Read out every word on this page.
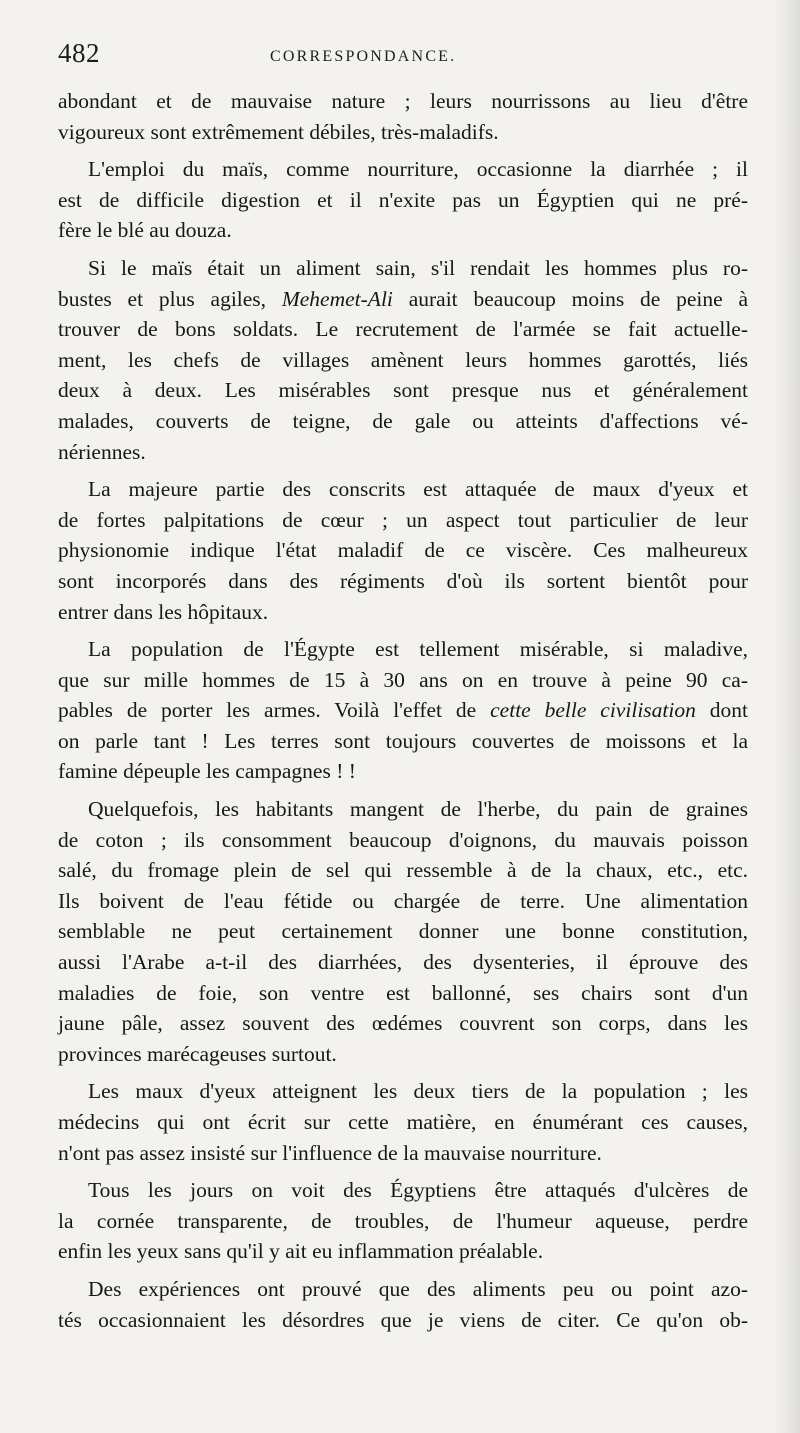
482	CORRESPONDANCE.
abondant et de mauvaise nature ; leurs nourrissons au lieu d'être
vigoureux sont extrêmement débiles, très-maladifs.
L'emploi du maïs, comme nourriture, occasionne la diarrhée ; il
est de difficile digestion et il n'exite pas un Égyptien qui ne pré-
fère le blé au douza.
Si le maïs était un aliment sain, s'il rendait les hommes plus ro-
bustes et plus agiles, Mehemet-Ali aurait beaucoup moins de peine à
trouver de bons soldats. Le recrutement de l'armée se fait actuelle-
ment, les chefs de villages amènent leurs hommes garottés, liés
deux à deux. Les misérables sont presque nus et généralement
malades, couverts de teigne, de gale ou atteints d'affections vé-
nériennes.
La majeure partie des conscrits est attaquée de maux d'yeux et
de fortes palpitations de cœur ; un aspect tout particulier de leur
physionomie indique l'état maladif de ce viscère. Ces malheureux
sont incorporés dans des régiments d'où ils sortent bientôt pour
entrer dans les hôpitaux.
La population de l'Égypte est tellement misérable, si maladive,
que sur mille hommes de 15 à 30 ans on en trouve à peine 90 ca-
pables de porter les armes. Voilà l'effet de cette belle civilisation dont
on parle tant ! Les terres sont toujours couvertes de moissons et la
famine dépeuple les campagnes ! !
Quelquefois, les habitants mangent de l'herbe, du pain de graines
de coton ; ils consomment beaucoup d'oignons, du mauvais poisson
salé, du fromage plein de sel qui ressemble à de la chaux, etc., etc.
Ils boivent de l'eau fétide ou chargée de terre. Une alimentation
semblable ne peut certainement donner une bonne constitution,
aussi l'Arabe a-t-il des diarrhées, des dysenteries, il éprouve des
maladies de foie, son ventre est ballonné, ses chairs sont d'un
jaune pâle, assez souvent des œdémes couvrent son corps, dans les
provinces marécageuses surtout.
Les maux d'yeux atteignent les deux tiers de la population ; les
médecins qui ont écrit sur cette matière, en énumérant ces causes,
n'ont pas assez insisté sur l'influence de la mauvaise nourriture.
Tous les jours on voit des Égyptiens être attaqués d'ulcères de
la cornée transparente, de troubles, de l'humeur aqueuse, perdre
enfin les yeux sans qu'il y ait eu inflammation préalable.
Des expériences ont prouvé que des aliments peu ou point azo-
tés occasionnaient les désordres que je viens de citer. Ce qu'on ob-
